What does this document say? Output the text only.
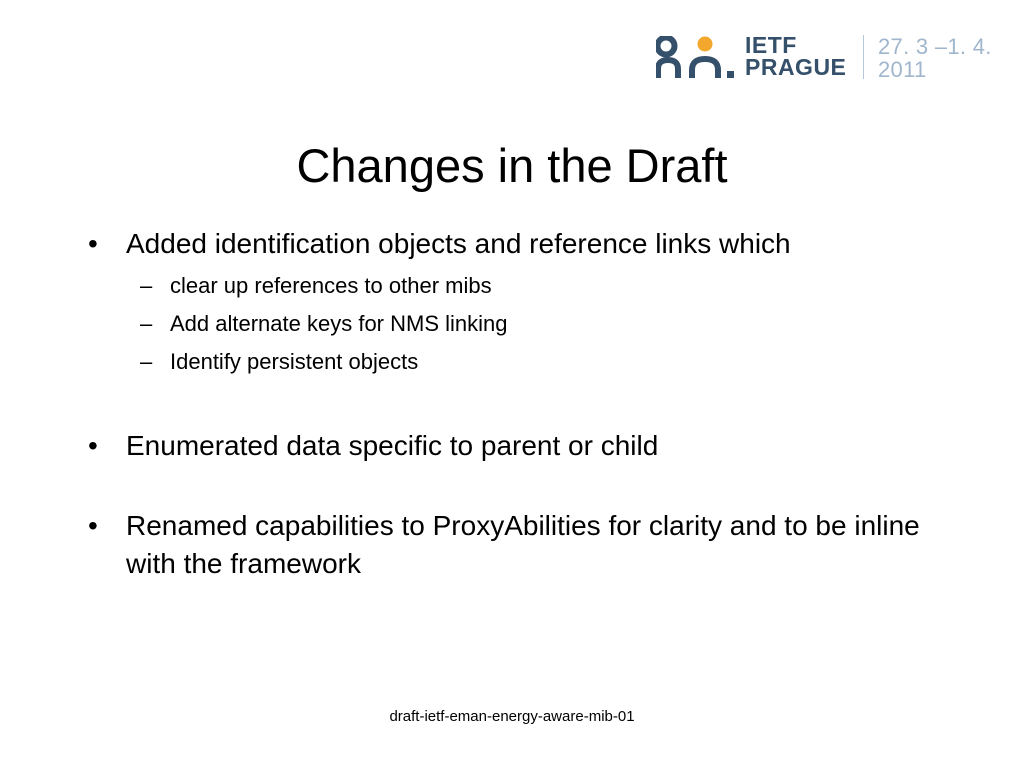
IETF
PRAGUE
27. 3 –1. 4.
2011
Changes in the Draft
•	Added identification objects and reference links which
– clear up references to other mibs
– Add alternate keys for NMS linking
– Identify persistent objects
•	Enumerated data specific to parent or child
•	Renamed capabilities to ProxyAbilities for clarity and to be inline with the framework
draft-ietf-eman-energy-aware-mib-01
